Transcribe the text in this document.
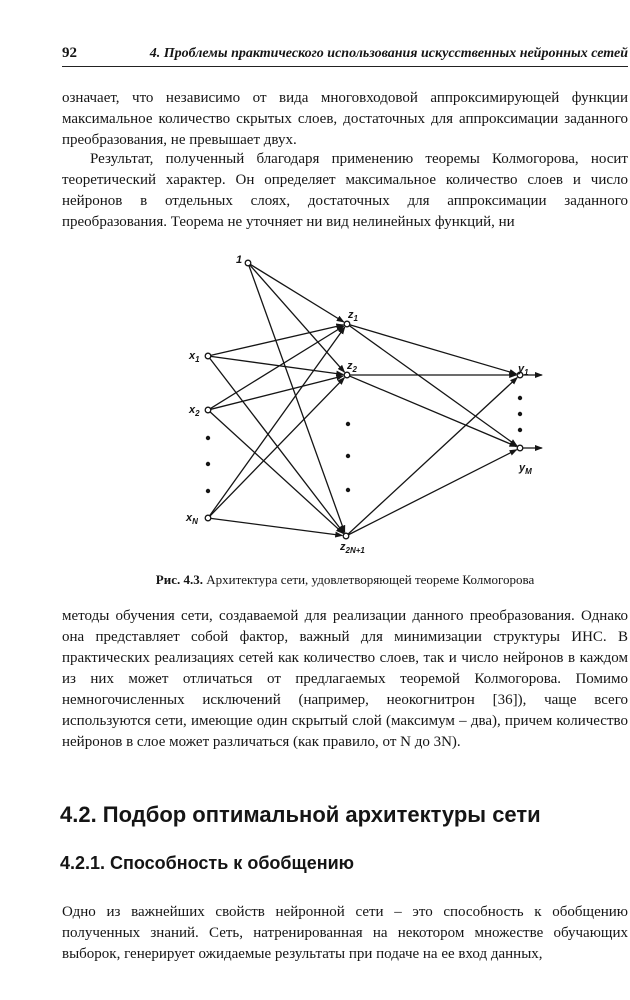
92	4. Проблемы практического использования искусственных нейронных сетей

означает, что независимо от вида многовходовой аппроксимирующей функции максимальное количество скрытых слоев, достаточных для аппроксимации заданного преобразования, не превышает двух.

Результат, полученный благодаря применению теоремы Колмогорова, носит теоретический характер. Он определяет максимальное количество слоев и число нейронов в отдельных слоях, достаточных для аппроксимации заданного преобразования. Теорема не уточняет ни вид нелинейных функций, ни

1
$x_1$
$x_2$
$x_N$
$z_1$
$z_2$
$z_{2N+1}$
$y_1$
$y_M$
Рис. 4.3. Архитектура сети, удовлетворяющей теореме Колмогорова

методы обучения сети, создаваемой для реализации данного преобразования. Однако она представляет собой фактор, важный для минимизации структуры ИНС. В практических реализациях сетей как количество слоев, так и число нейронов в каждом из них может отличаться от предлагаемых теоремой Колмогорова. Помимо немногочисленных исключений (например, неокогнитрон [36]), чаще всего используются сети, имеющие один скрытый слой (максимум – два), причем количество нейронов в слое может различаться (как правило, от N до 3N).

4.2. Подбор оптимальной архитектуры сети
4.2.1. Способность к обобщению

Одно из важнейших свойств нейронной сети – это способность к обобщению полученных знаний. Сеть, натренированная на некотором множестве обучающих выборок, генерирует ожидаемые результаты при подаче на ее вход данных,
